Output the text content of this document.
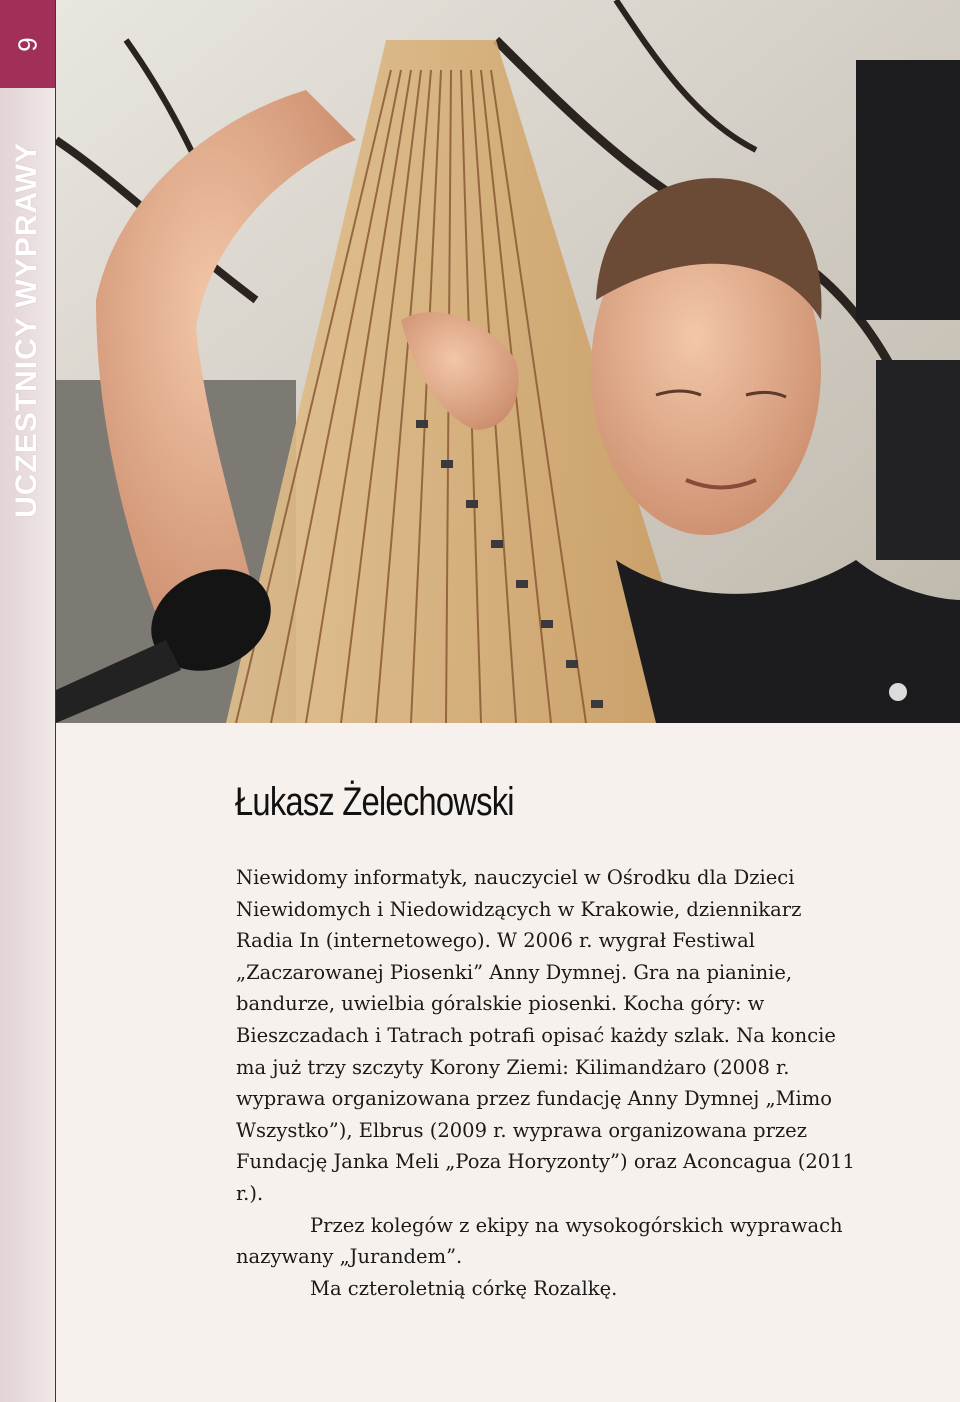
6
UCZESTNICY WYPRAWY
Łukasz Żelechowski

Niewidomy informatyk, nauczyciel w Ośrodku dla Dzieci Niewidomych i Niedowidzących w Krakowie, dziennikarz Radia In (internetowego). W 2006 r. wygrał Festiwal „Zaczarowanej Piosenki” Anny Dymnej. Gra na pianinie, bandurze, uwielbia góralskie piosenki. Kocha góry: w Bieszczadach i Tatrach potrafi opisać każdy szlak. Na koncie ma już trzy szczyty Korony Ziemi: Kilimandżaro (2008 r. wyprawa organizowana przez fundację Anny Dymnej „Mimo Wszystko”), Elbrus (2009 r. wyprawa organizowana przez Fundację Janka Meli „Poza Horyzonty”) oraz Aconcagua (2011 r.).

Przez kolegów z ekipy na wysokogórskich wyprawach nazywany „Jurandem”.

Ma czteroletnią córkę Rozalkę.
